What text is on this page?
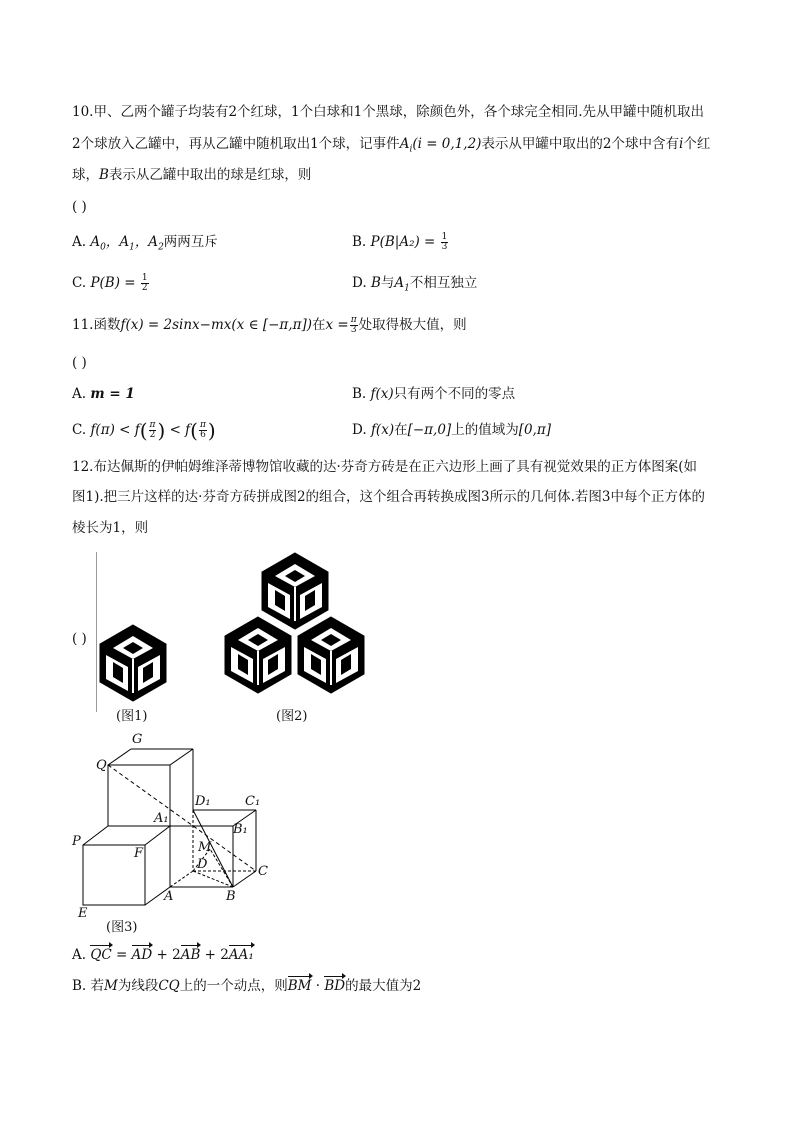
10.甲、乙两个罐子均装有2个红球，1个白球和1个黑球，除颜色外，各个球完全相同.先从甲罐中随机取出
2个球放入乙罐中，再从乙罐中随机取出1个球，记事件$A_i(i = 0,1,2)$表示从甲罐中取出的2个球中含有i个红
球，B表示从乙罐中取出的球是红球，则
( )
A. $A_0$，$A_1$，$A_2$两两互斥	B. $P(B|A_2) = \frac{1}{3}$
C. $P(B) = \frac{1}{2}$	D. B与$A_1$不相互独立
11.函数f(x) = 2sinx−mx(x ∈ [−π,π])在$x = \frac{\pi}{3}$ 处取得极大值，则
( )
A. m = 1	B. f(x)只有两个不同的零点
C. $f(\pi) < f( \frac{\pi}{2}$ ) < $f( \frac{\pi}{6}$ )	D. f(x)在[−π,0]上的值域为[0,π]
12.布达佩斯的伊帕姆维泽蒂博物馆收藏的达·芬奇方砖是在正六边形上画了具有视觉效果的正方体图案(如
图1).把三片这样的达·芬奇方砖拼成图2的组合，这个组合再转换成图3所示的几何体.若图3中每个正方体的
棱长为1，则
( )
(图1)	(图2)
G
Q
D₁	C₁
A₁
B₁
P
F	M
D	C
E
A	B
(图3)
A. QC = AD + 2AB + 2AA₁
B. 若M为线段CQ上的一个动点，则BM · BD的最大值为2
